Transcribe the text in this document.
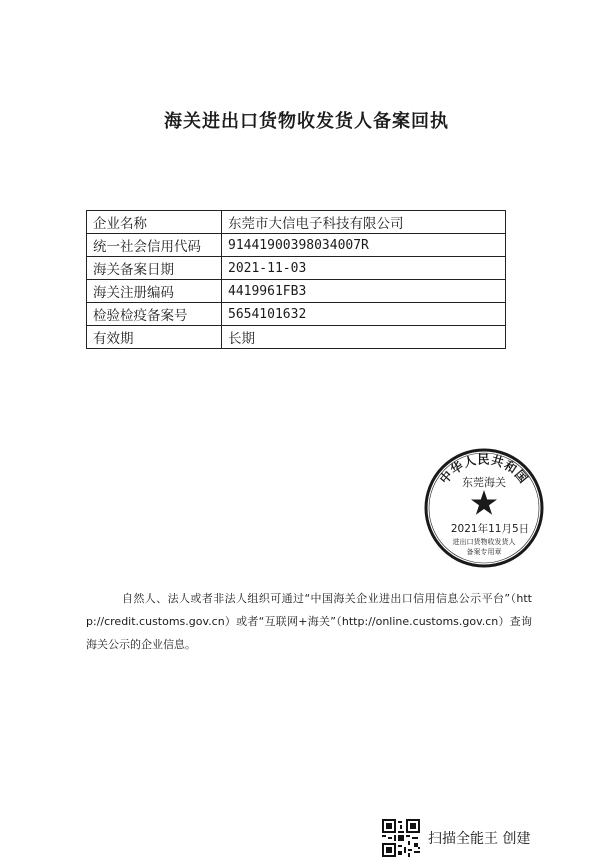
海关进出口货物收发货人备案回执
企业名称	东莞市大信电子科技有限公司
统一社会信用代码	91441900398034007R
海关备案日期	2021-11-03
海关注册编码	4419961FB3
检验检疫备案号	5654101632
有效期	长期
中华人民共和国
东莞海关
2021年11月5日
进出口货物收发货人
备案专用章
自然人、法人或者非法人组织可通过“中国海关企业进出口信用信息公示平台”（http://credit.customs.gov.cn）或者“互联网+海关”（http://online.customs.gov.cn）查询海关公示的企业信息。
扫描全能王 创建
